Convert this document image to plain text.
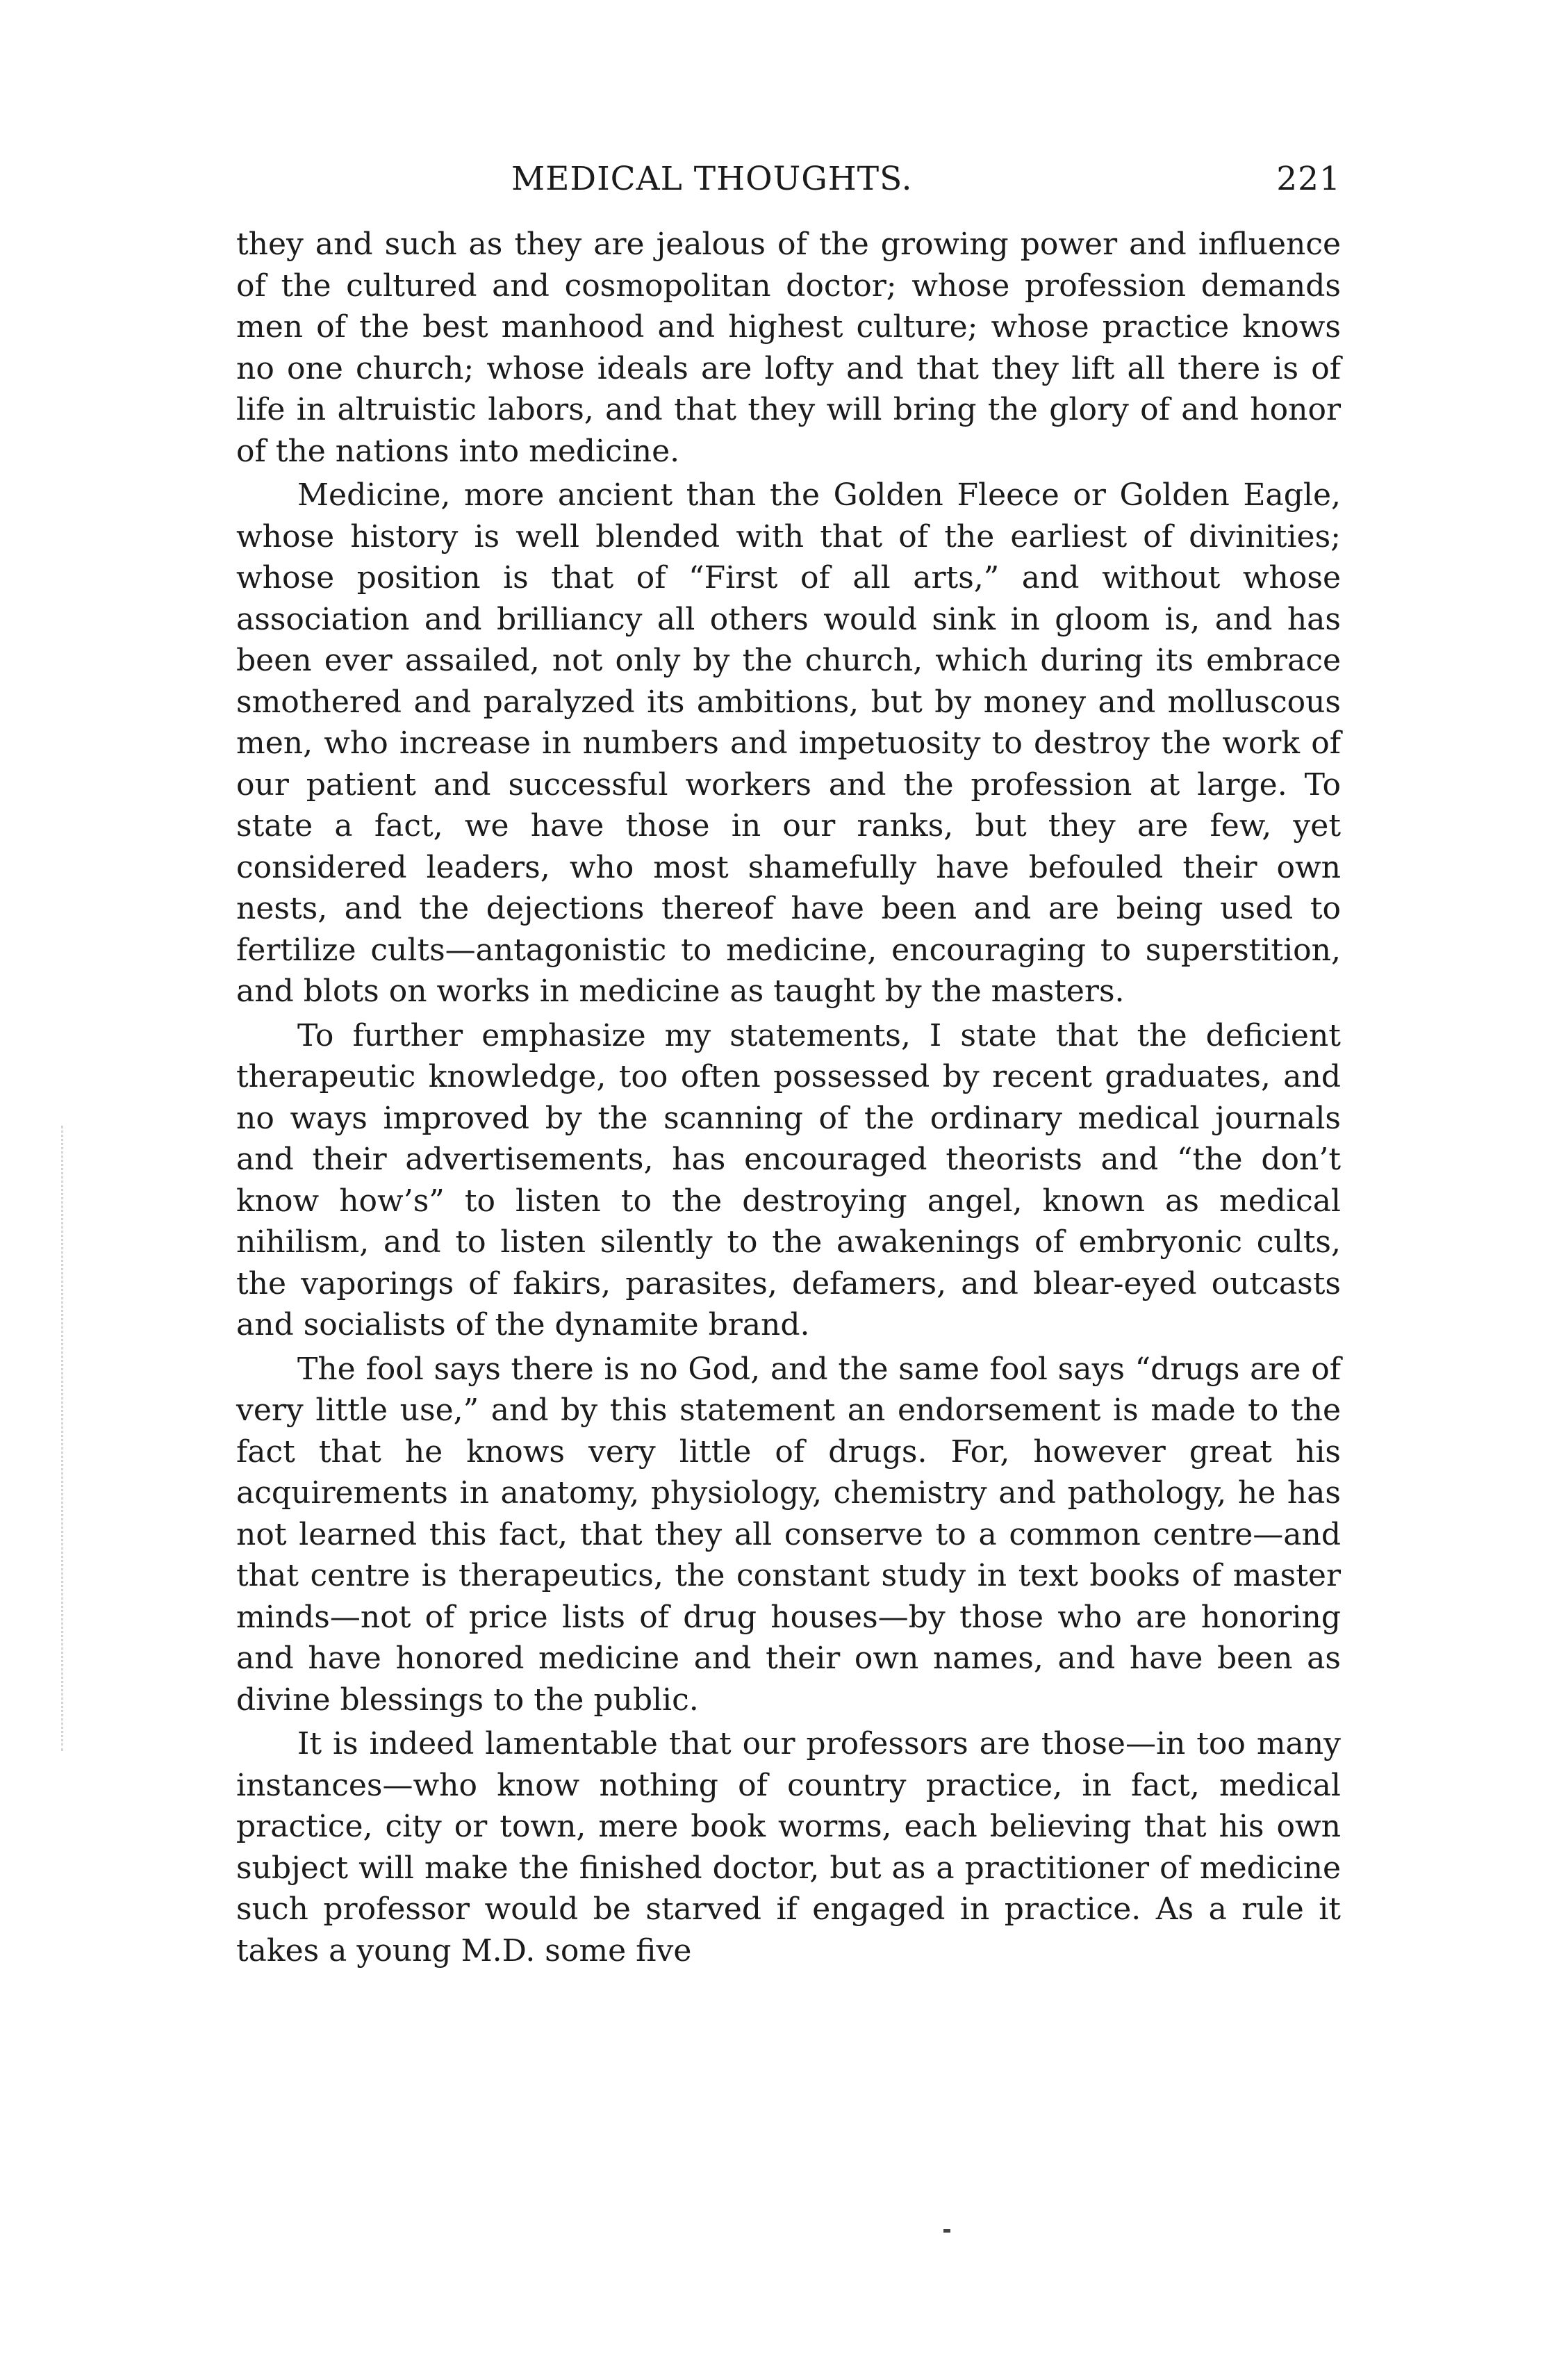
MEDICAL THOUGHTS.	221

they and such as they are jealous of the growing power and influence of the cultured and cosmopolitan doctor; whose profession demands men of the best manhood and highest culture; whose practice knows no one church; whose ideals are lofty and that they lift all there is of life in altruistic labors, and that they will bring the glory of and honor of the nations into medicine.

Medicine, more ancient than the Golden Fleece or Golden Eagle, whose history is well blended with that of the earliest of divinities; whose position is that of “First of all arts,” and without whose association and brilliancy all others would sink in gloom is, and has been ever assailed, not only by the church, which during its embrace smothered and paralyzed its ambitions, but by money and molluscous men, who increase in numbers and impetuosity to destroy the work of our patient and successful workers and the profession at large. To state a fact, we have those in our ranks, but they are few, yet considered leaders, who most shamefully have befouled their own nests, and the dejections thereof have been and are being used to fertilize cults—antagonistic to medicine, encouraging to superstition, and blots on works in medicine as taught by the masters.

To further emphasize my statements, I state that the deficient therapeutic knowledge, too often possessed by recent graduates, and no ways improved by the scanning of the ordinary medical journals and their advertisements, has encouraged theorists and “the don’t know how’s” to listen to the destroying angel, known as medical nihilism, and to listen silently to the awakenings of embryonic cults, the vaporings of fakirs, parasites, defamers, and blear-eyed outcasts and socialists of the dynamite brand.

The fool says there is no God, and the same fool says “drugs are of very little use,” and by this statement an endorsement is made to the fact that he knows very little of drugs. For, however great his acquirements in anatomy, physiology, chemistry and pathology, he has not learned this fact, that they all conserve to a common centre—and that centre is therapeutics, the constant study in text books of master minds—not of price lists of drug houses—by those who are honoring and have honored medicine and their own names, and have been as divine blessings to the public.

It is indeed lamentable that our professors are those—in too many instances—who know nothing of country practice, in fact, medical practice, city or town, mere book worms, each believing that his own subject will make the finished doctor, but as a practitioner of medicine such professor would be starved if engaged in practice. As a rule it takes a young M.D. some five
